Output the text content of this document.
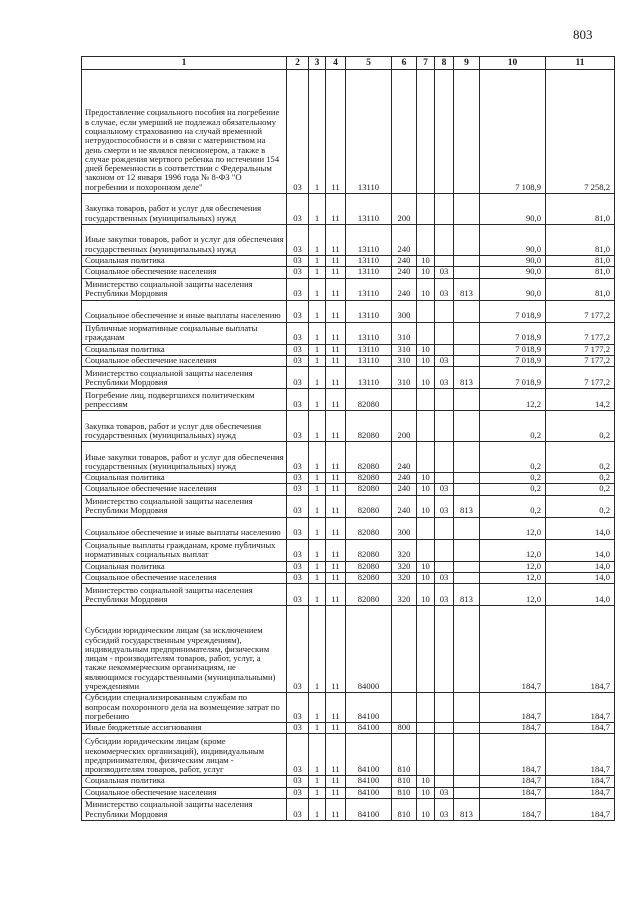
803
1	2	3	4	5	6	7	8	9	10	11
Предоставление социального пособия на погребение в случае, если умерший не подлежал обязательному социальному страхованию на случай временной нетрудоспособности и в связи с материнством на день смерти и не являлся пенсионером, а также в случае рождения мертвого ребенка по истечении 154 дней беременности в соответствии с Федеральным законом от 12 января 1996 года № 8-ФЗ "О погребении и похоронном деле"	03	1	11	13110					7 108,9	7 258,2
Закупка товаров, работ и услуг для обеспечения государственных (муниципальных) нужд	03	1	11	13110	200				90,0	81,0
Иные закупки товаров, работ и услуг для обеспечения государственных (муниципальных) нужд	03	1	11	13110	240				90,0	81,0
Социальная политика	03	1	11	13110	240	10			90,0	81,0
Социальное обеспечение населения	03	1	11	13110	240	10	03		90,0	81,0
Министерство социальной защиты населения Республики Мордовия	03	1	11	13110	240	10	03	813	90,0	81,0
Социальное обеспечение и иные выплаты населению	03	1	11	13110	300				7 018,9	7 177,2
Публичные нормативные социальные выплаты гражданам	03	1	11	13110	310				7 018,9	7 177,2
Социальная политика	03	1	11	13110	310	10			7 018,9	7 177,2
Социальное обеспечение населения	03	1	11	13110	310	10	03		7 018,9	7 177,2
Министерство социальной защиты населения Республики Мордовия	03	1	11	13110	310	10	03	813	7 018,9	7 177,2
Погребение лиц, подвергшихся политическим репрессиям	03	1	11	82080					12,2	14,2
Закупка товаров, работ и услуг для обеспечения государственных (муниципальных) нужд	03	1	11	82080	200				0,2	0,2
Иные закупки товаров, работ и услуг для обеспечения государственных (муниципальных) нужд	03	1	11	82080	240				0,2	0,2
Социальная политика	03	1	11	82080	240	10			0,2	0,2
Социальное обеспечение населения	03	1	11	82080	240	10	03		0,2	0,2
Министерство социальной защиты населения Республики Мордовия	03	1	11	82080	240	10	03	813	0,2	0,2
Социальное обеспечение и иные выплаты населению	03	1	11	82080	300				12,0	14,0
Социальные выплаты гражданам, кроме публичных нормативных социальных выплат	03	1	11	82080	320				12,0	14,0
Социальная политика	03	1	11	82080	320	10			12,0	14,0
Социальное обеспечение населения	03	1	11	82080	320	10	03		12,0	14,0
Министерство социальной защиты населения Республики Мордовия	03	1	11	82080	320	10	03	813	12,0	14,0
Субсидии юридическим лицам (за исключением субсидий государственным учреждениям), индивидуальным предпринимателям, физическим лицам - производителям товаров, работ, услуг, а также некоммерческим организациям, не являющимся государственными (муниципальными) учреждениями	03	1	11	84000					184,7	184,7
Субсидии специализированным службам по вопросам похоронного дела на возмещение затрат по погребению	03	1	11	84100					184,7	184,7
Иные бюджетные ассигнования	03	1	11	84100	800				184,7	184,7
Субсидии юридическим лицам (кроме некоммерческих организаций), индивидуальным предпринимателям, физическим лицам - производителям товаров, работ, услуг	03	1	11	84100	810				184,7	184,7
Социальная политика	03	1	11	84100	810	10			184,7	184,7
Социальное обеспечение населения	03	1	11	84100	810	10	03		184,7	184,7
Министерство социальной защиты населения Республики Мордовия	03	1	11	84100	810	10	03	813	184,7	184,7
